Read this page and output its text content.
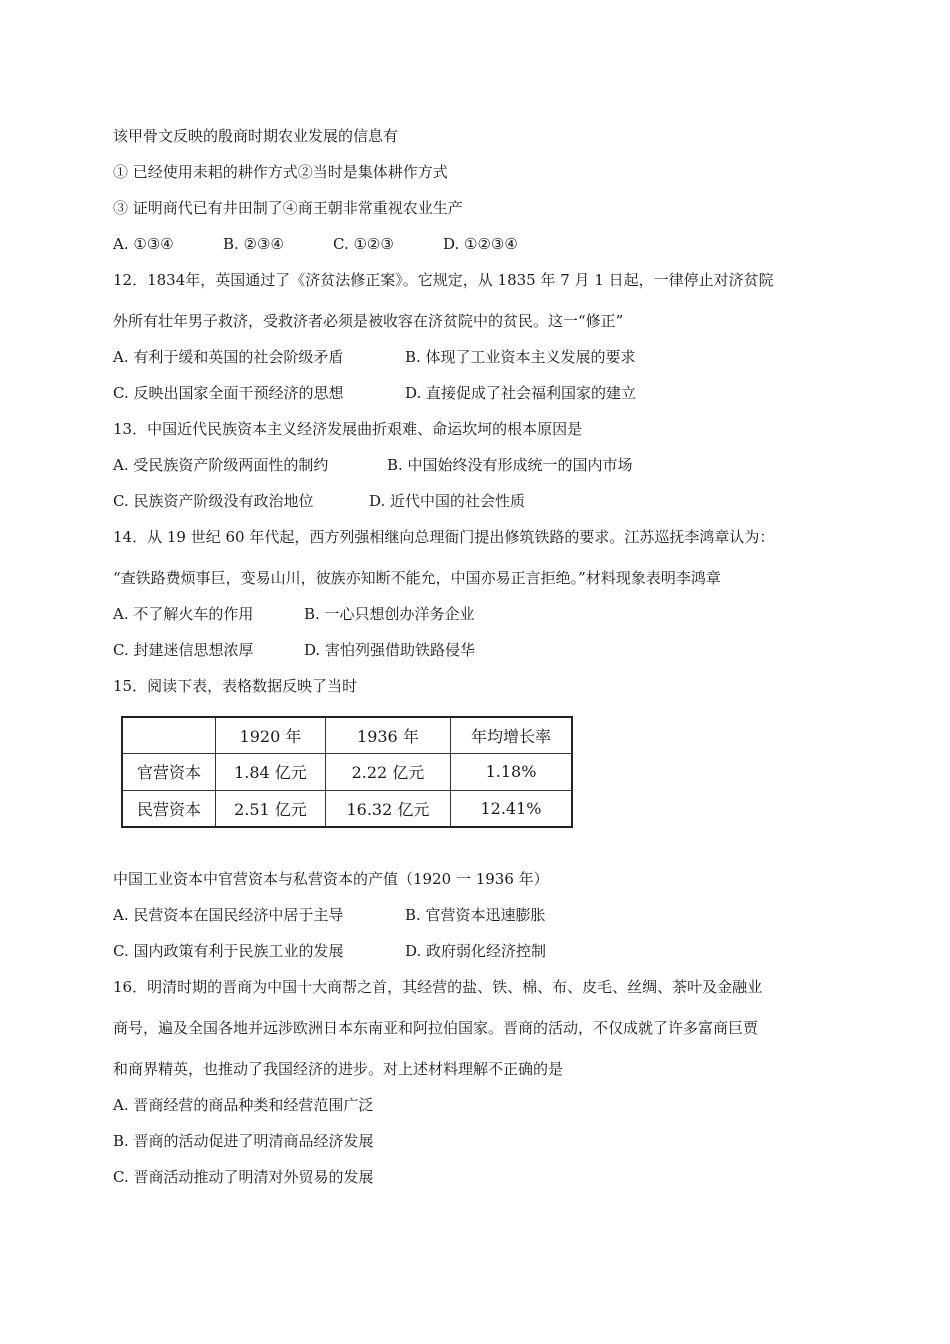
该甲骨文反映的殷商时期农业发展的信息有
① 已经使用耒耜的耕作方式②当时是集体耕作方式
③ 证明商代已有井田制了④商王朝非常重视农业生产
A. ①③④	B. ②③④	C. ①②③	D. ①②③④
12．1834年，英国通过了《济贫法修正案》。它规定，从 1835 年 7 月 1 日起，一律停止对济贫院
外所有壮年男子救济，受救济者必须是被收容在济贫院中的贫民。这一“修正”
A. 有利于缓和英国的社会阶级矛盾	B. 体现了工业资本主义发展的要求
C. 反映出国家全面干预经济的思想	D. 直接促成了社会福利国家的建立
13．中国近代民族资本主义经济发展曲折艰难、命运坎坷的根本原因是
A. 受民族资产阶级两面性的制约	B. 中国始终没有形成统一的国内市场
C. 民族资产阶级没有政治地位	D. 近代中国的社会性质
14．从 19 世纪 60 年代起，西方列强相继向总理衙门提出修筑铁路的要求。江苏巡抚李鸿章认为：
“查铁路费烦事巨，变易山川，彼族亦知断不能允，中国亦易正言拒绝。”材料现象表明李鸿章
A. 不了解火车的作用	B. 一心只想创办洋务企业
C. 封建迷信思想浓厚	D. 害怕列强借助铁路侵华
15．阅读下表，表格数据反映了当时
	1920 年	1936 年	年均增长率
官营资本	1.84 亿元	2.22 亿元	1.18%
民营资本	2.51 亿元	16.32 亿元	12.41%
中国工业资本中官营资本与私营资本的产值（1920 一 1936 年）
A. 民营资本在国民经济中居于主导	B. 官营资本迅速膨胀
C. 国内政策有利于民族工业的发展	D. 政府弱化经济控制
16．明清时期的晋商为中国十大商帮之首，其经营的盐、铁、棉、布、皮毛、丝绸、茶叶及金融业
商号，遍及全国各地并远涉欧洲日本东南亚和阿拉伯国家。晋商的活动，不仅成就了许多富商巨贾
和商界精英，也推动了我国经济的进步。对上述材料理解不正确的是
A. 晋商经营的商品种类和经营范围广泛
B. 晋商的活动促进了明清商品经济发展
C. 晋商活动推动了明清对外贸易的发展
